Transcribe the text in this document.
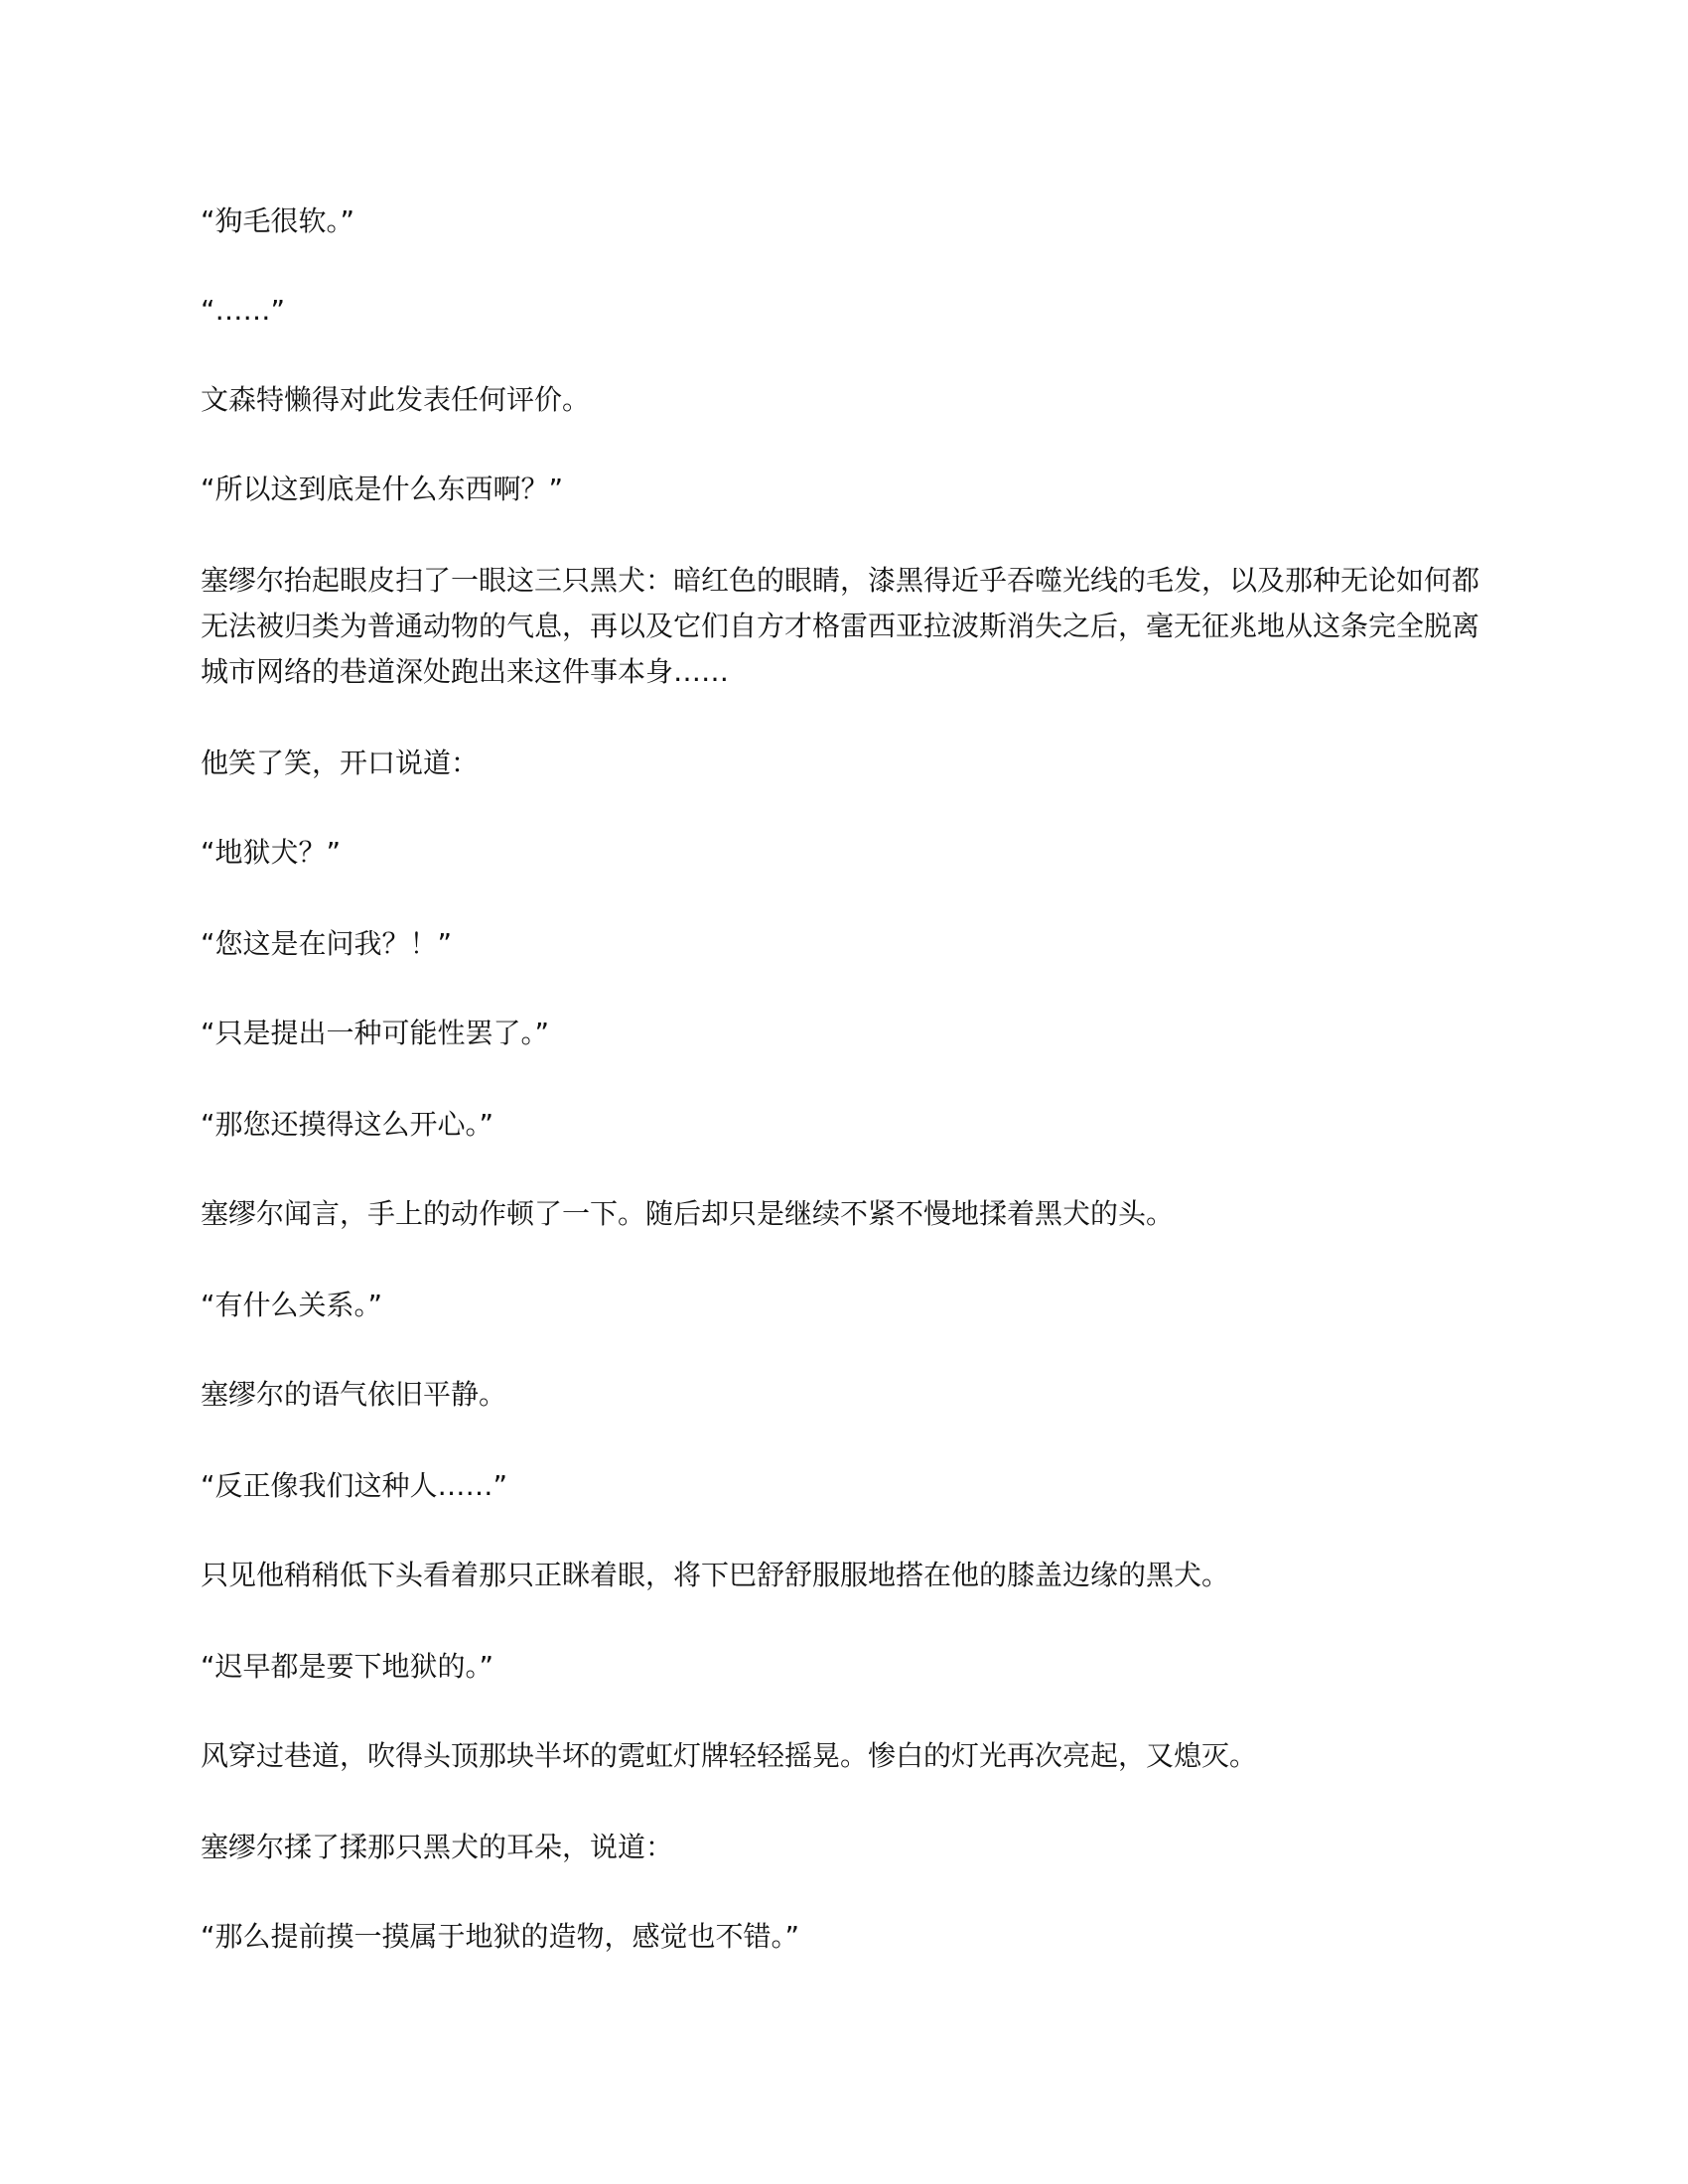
“狗毛很软。”

“……”

文森特懒得对此发表任何评价。

“所以这到底是什么东西啊？”

塞缪尔抬起眼皮扫了一眼这三只黑犬：暗红色的眼睛，漆黑得近乎吞噬光线的毛发，以及那种无论如何都无法被归类为普通动物的气息，再以及它们自方才格雷西亚拉波斯消失之后，毫无征兆地从这条完全脱离城市网络的巷道深处跑出来这件事本身……

他笑了笑，开口说道：

“地狱犬？”

“您这是在问我？！”

“只是提出一种可能性罢了。”

“那您还摸得这么开心。”

塞缪尔闻言，手上的动作顿了一下。随后却只是继续不紧不慢地揉着黑犬的头。

“有什么关系。”

塞缪尔的语气依旧平静。

“反正像我们这种人……”

只见他稍稍低下头看着那只正眯着眼，将下巴舒舒服服地搭在他的膝盖边缘的黑犬。

“迟早都是要下地狱的。”

风穿过巷道，吹得头顶那块半坏的霓虹灯牌轻轻摇晃。惨白的灯光再次亮起，又熄灭。

塞缪尔揉了揉那只黑犬的耳朵，说道：

“那么提前摸一摸属于地狱的造物，感觉也不错。”
